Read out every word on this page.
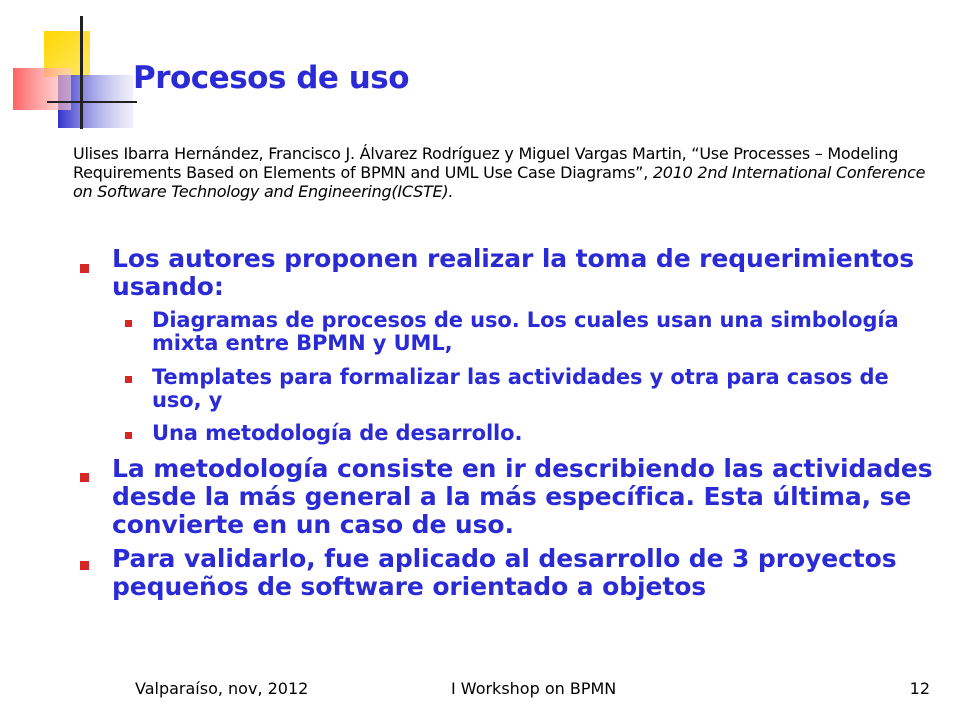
Procesos de uso
Ulises Ibarra Hernández, Francisco J. Álvarez Rodríguez y Miguel Vargas Martin, “Use Processes – Modeling Requirements Based on Elements of BPMN and UML Use Case Diagrams”, 2010 2nd International Conference on Software Technology and Engineering(ICSTE).
Los autores proponen realizar la toma de requerimientos usando:
Diagramas de procesos de uso. Los cuales usan una simbología mixta entre BPMN y UML,
Templates para formalizar las actividades y otra para casos de uso, y
Una metodología de desarrollo.
La metodología consiste en ir describiendo las actividades desde la más general a la más específica. Esta última, se convierte en un caso de uso.
Para validarlo, fue aplicado al desarrollo de 3 proyectos pequeños de software orientado a objetos
Valparaíso, nov, 2012	I Workshop on BPMN	12
